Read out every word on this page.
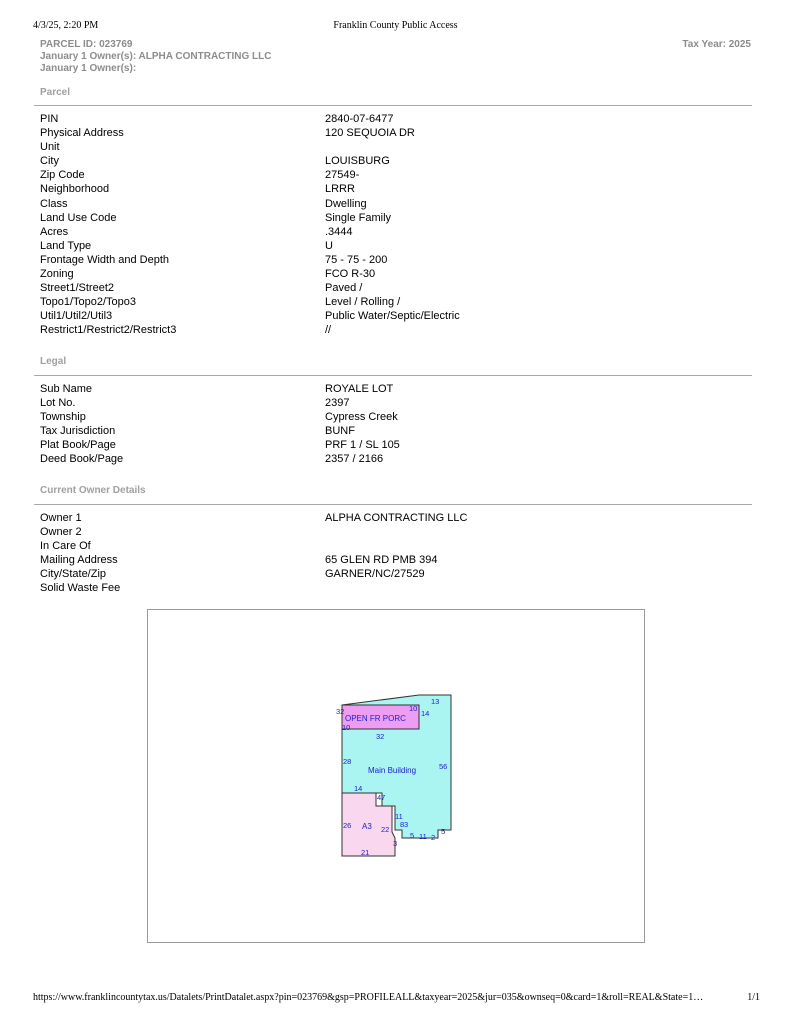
4/3/25, 2:20 PM	Franklin County Public Access
PARCEL ID: 023769
January 1 Owner(s): ALPHA CONTRACTING LLC
January 1 Owner(s):
Tax Year: 2025
Parcel
PIN	2840-07-6477
Physical Address	120 SEQUOIA DR
Unit
City	LOUISBURG
Zip Code	27549-
Neighborhood	LRRR
Class	Dwelling
Land Use Code	Single Family
Acres	.3444
Land Type	U
Frontage Width and Depth	75 - 75 - 200
Zoning	FCO R-30
Street1/Street2	Paved /
Topo1/Topo2/Topo3	Level / Rolling /
Util1/Util2/Util3	Public Water/Septic/Electric
Restrict1/Restrict2/Restrict3	//
Legal
Sub Name	ROYALE LOT
Lot No.	2397
Township	Cypress Creek
Tax Jurisdiction	BUNF
Plat Book/Page	PRF 1 / SL 105
Deed Book/Page	2357 / 2166
Current Owner Details
Owner 1	ALPHA CONTRACTING LLC
Owner 2
In Care Of
Mailing Address	65 GLEN RD PMB 394
City/State/Zip	GARNER/NC/27529
Solid Waste Fee
OPEN FR PORC
Main Building
A3
13
10
14
32
10
32
28
56
14
47
26
11
8 3
22
5 11 2
5
3
21
https://www.franklincountytax.us/Datalets/PrintDatalet.aspx?pin=023769&gsp=PROFILEALL&taxyear=2025&jur=035&ownseq=0&card=1&roll=REAL&State=1…	1/1
